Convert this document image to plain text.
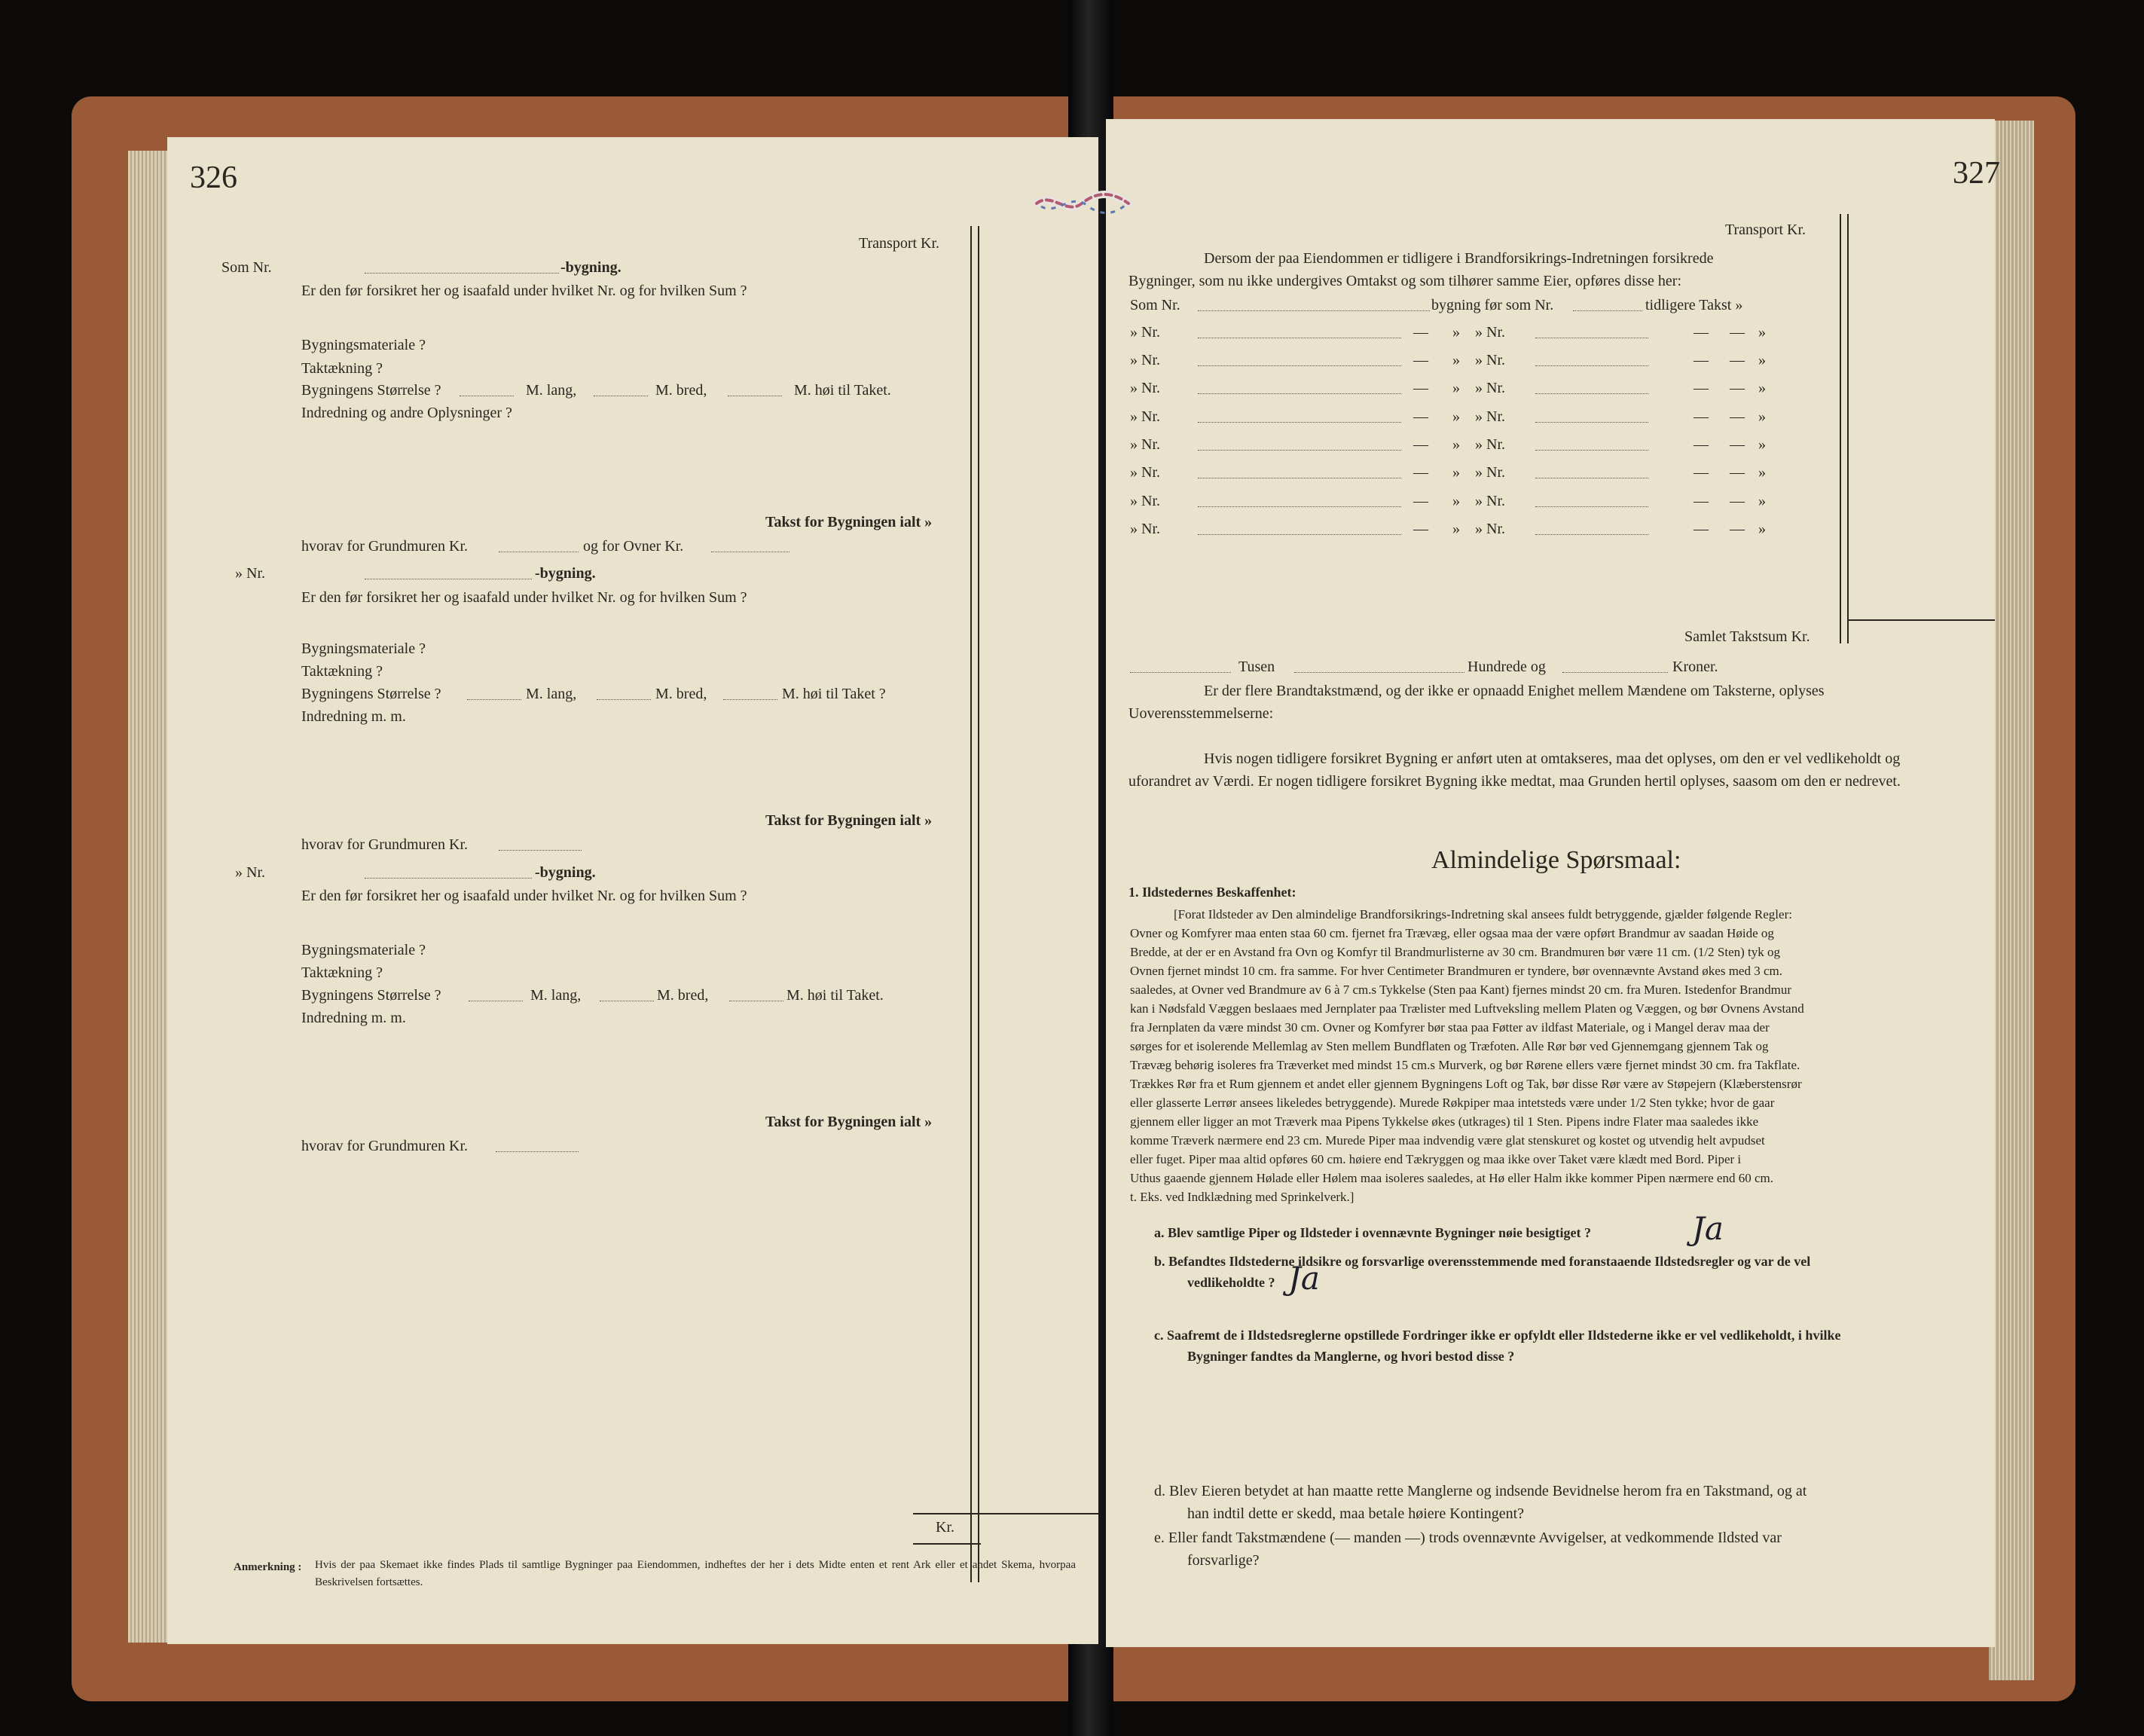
326
Transport Kr.
Som Nr.	-bygning.
Er den før forsikret her og isaafald under hvilket Nr. og for hvilken Sum ?
Bygningsmateriale ?
Taktækning ?
Bygningens Størrelse ?	M. lang,	M. bred,	M. høi til Taket.
Indredning og andre Oplysninger ?
Takst for Bygningen ialt »
hvorav for Grundmuren Kr.	og for Ovner Kr.
» Nr.	-bygning.
Er den før forsikret her og isaafald under hvilket Nr. og for hvilken Sum ?
Bygningsmateriale ?
Taktækning ?
Bygningens Størrelse ?	M. lang,	M. bred,	M. høi til Taket ?
Indredning m. m.
Takst for Bygningen ialt »
hvorav for Grundmuren Kr.
» Nr.	-bygning.
Er den før forsikret her og isaafald under hvilket Nr. og for hvilken Sum ?
Bygningsmateriale ?
Taktækning ?
Bygningens Størrelse ?	M. lang,	M. bred,	M. høi til Taket.
Indredning m. m.
Takst for Bygningen ialt »
hvorav for Grundmuren Kr.
Kr.
Anmerkning : Hvis der paa Skemaet ikke findes Plads til samtlige Bygninger paa Eiendommen, indheftes der her i dets Midte enten et rent Ark eller et andet Skema, hvorpaa Beskrivelsen fortsættes.
327
Transport Kr.
Dersom der paa Eiendommen er tidligere i Brandforsikrings-Indretningen forsikrede
Bygninger, som nu ikke undergives Omtakst og som tilhører samme Eier, opføres disse her:
Som Nr.	bygning før som Nr.	tidligere Takst »
» Nr.	— » » Nr.	— — »
» Nr.	— » » Nr.	— — »
» Nr.	— » » Nr.	— — »
» Nr.	— » » Nr.	— — »
» Nr.	— » » Nr.	— — »
» Nr.	— » » Nr.	— — »
» Nr.	— » » Nr.	— — »
» Nr.	— » » Nr.	— — »
Samlet Takstsum Kr.
Tusen	Hundrede og	Kroner.
Er der flere Brandtakstmænd, og der ikke er opnaadd Enighet mellem Mændene om Taksterne, oplyses
Uoverensstemmelserne:
Hvis nogen tidligere forsikret Bygning er anført uten at omtakseres, maa det oplyses, om den er vel vedlikeholdt og
uforandret av Værdi. Er nogen tidligere forsikret Bygning ikke medtat, maa Grunden hertil oplyses, saasom om den er nedrevet.
Almindelige Spørsmaal:
1. Ildstedernes Beskaffenhet:
[Forat Ildsteder av Den almindelige Brandforsikrings-Indretning skal ansees fuldt betryggende, gjælder følgende Regler:
Ovner og Komfyrer maa enten staa 60 cm. fjernet fra Trævæg, eller ogsaa maa der være opført Brandmur av saadan Høide og
Bredde, at der er en Avstand fra Ovn og Komfyr til Brandmurlisterne av 30 cm. Brandmuren bør være 11 cm. (1/2 Sten) tyk og
Ovnen fjernet mindst 10 cm. fra samme. For hver Centimeter Brandmuren er tyndere, bør ovennævnte Avstand økes med 3 cm.
saaledes, at Ovner ved Brandmure av 6 à 7 cm.s Tykkelse (Sten paa Kant) fjernes mindst 20 cm. fra Muren. Istedenfor Brandmur
kan i Nødsfald Væggen beslaaes med Jernplater paa Trælister med Luftveksling mellem Platen og Væggen, og bør Ovnens Avstand
fra Jernplaten da være mindst 30 cm. Ovner og Komfyrer bør staa paa Føtter av ildfast Materiale, og i Mangel derav maa der
sørges for et isolerende Mellemlag av Sten mellem Bundflaten og Træfoten. Alle Rør bør ved Gjennemgang gjennem Tak og
Trævæg behørig isoleres fra Træverket med mindst 15 cm.s Murverk, og bør Rørene ellers være fjernet mindst 30 cm. fra Takflate.
Trækkes Rør fra et Rum gjennem et andet eller gjennem Bygningens Loft og Tak, bør disse Rør være av Støpejern (Klæberstensrør
eller glasserte Lerrør ansees likeledes betryggende). Murede Røkpiper maa intetsteds være under 1/2 Sten tykke; hvor de gaar
gjennem eller ligger an mot Træverk maa Pipens Tykkelse økes (utkrages) til 1 Sten. Pipens indre Flater maa saaledes ikke
komme Træverk nærmere end 23 cm. Murede Piper maa indvendig være glat stenskuret og kostet og utvendig helt avpudset
eller fuget. Piper maa altid opføres 60 cm. høiere end Tækryggen og maa ikke over Taket være klædt med Bord. Piper i
Uthus gaaende gjennem Hølade eller Hølem maa isoleres saaledes, at Hø eller Halm ikke kommer Pipen nærmere end 60 cm.
t. Eks. ved Indklædning med Sprinkelverk.]
a. Blev samtlige Piper og Ildsteder i ovennævnte Bygninger nøie besigtiget ?	Ja
b. Befandtes Ildstederne ildsikre og forsvarlige overensstemmende med foranstaaende Ildstedsregler og var de vel
vedlikeholdte ? Ja
c. Saafremt de i Ildstedsreglerne opstillede Fordringer ikke er opfyldt eller Ildstederne ikke er vel vedlikeholdt, i hvilke
Bygninger fandtes da Manglerne, og hvori bestod disse ?
d. Blev Eieren betydet at han maatte rette Manglerne og indsende Bevidnelse herom fra en Takstmand, og at
han indtil dette er skedd, maa betale høiere Kontingent?
e. Eller fandt Takstmændene (— manden —) trods ovennævnte Avvigelser, at vedkommende Ildsted var
forsvarlige?
